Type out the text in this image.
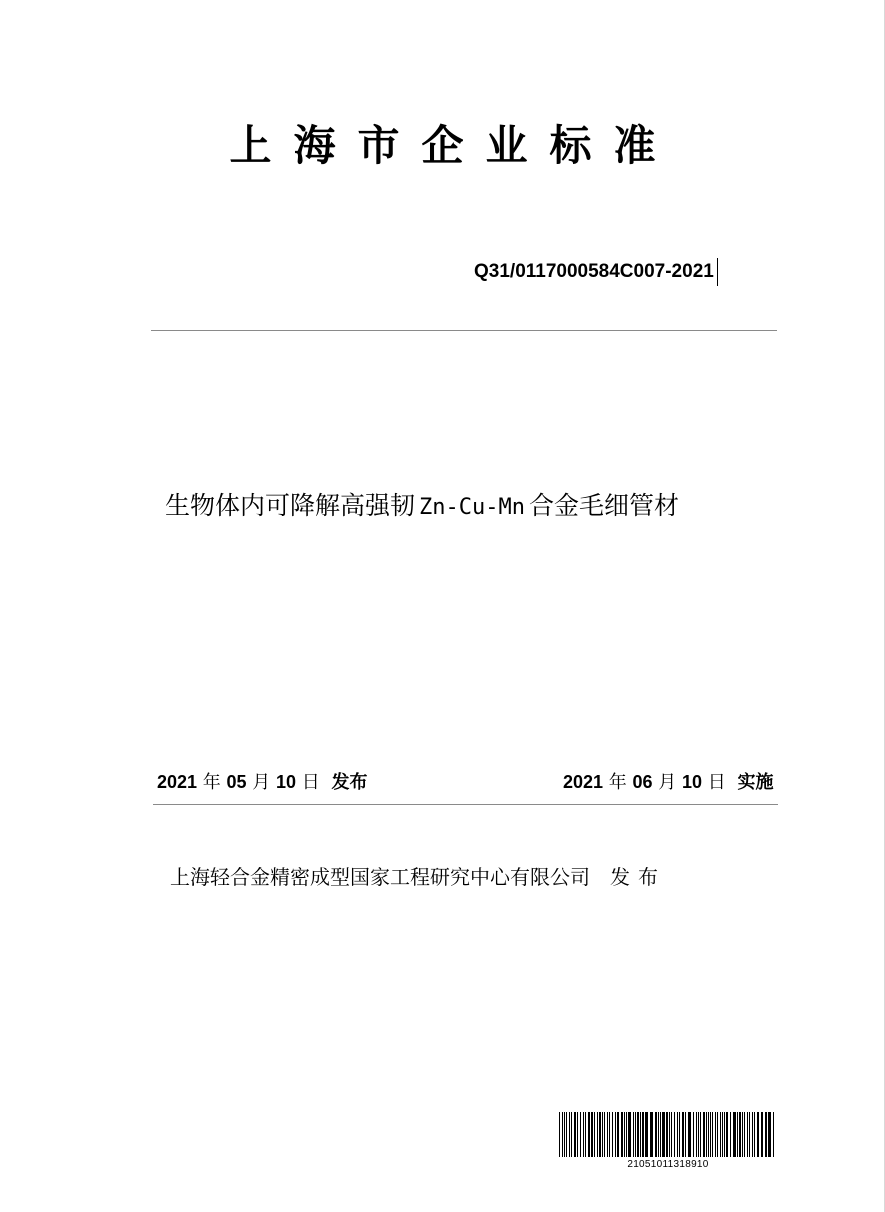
上海市企业标准
Q31/0117000584C007-2021
生物体内可降解高强韧 Zn-Cu-Mn 合金毛细管材
2021 年 05 月 10 日 发布	2021 年 06 月 10 日 实施
上海轻合金精密成型国家工程研究中心有限公司 发布
21051011318910
